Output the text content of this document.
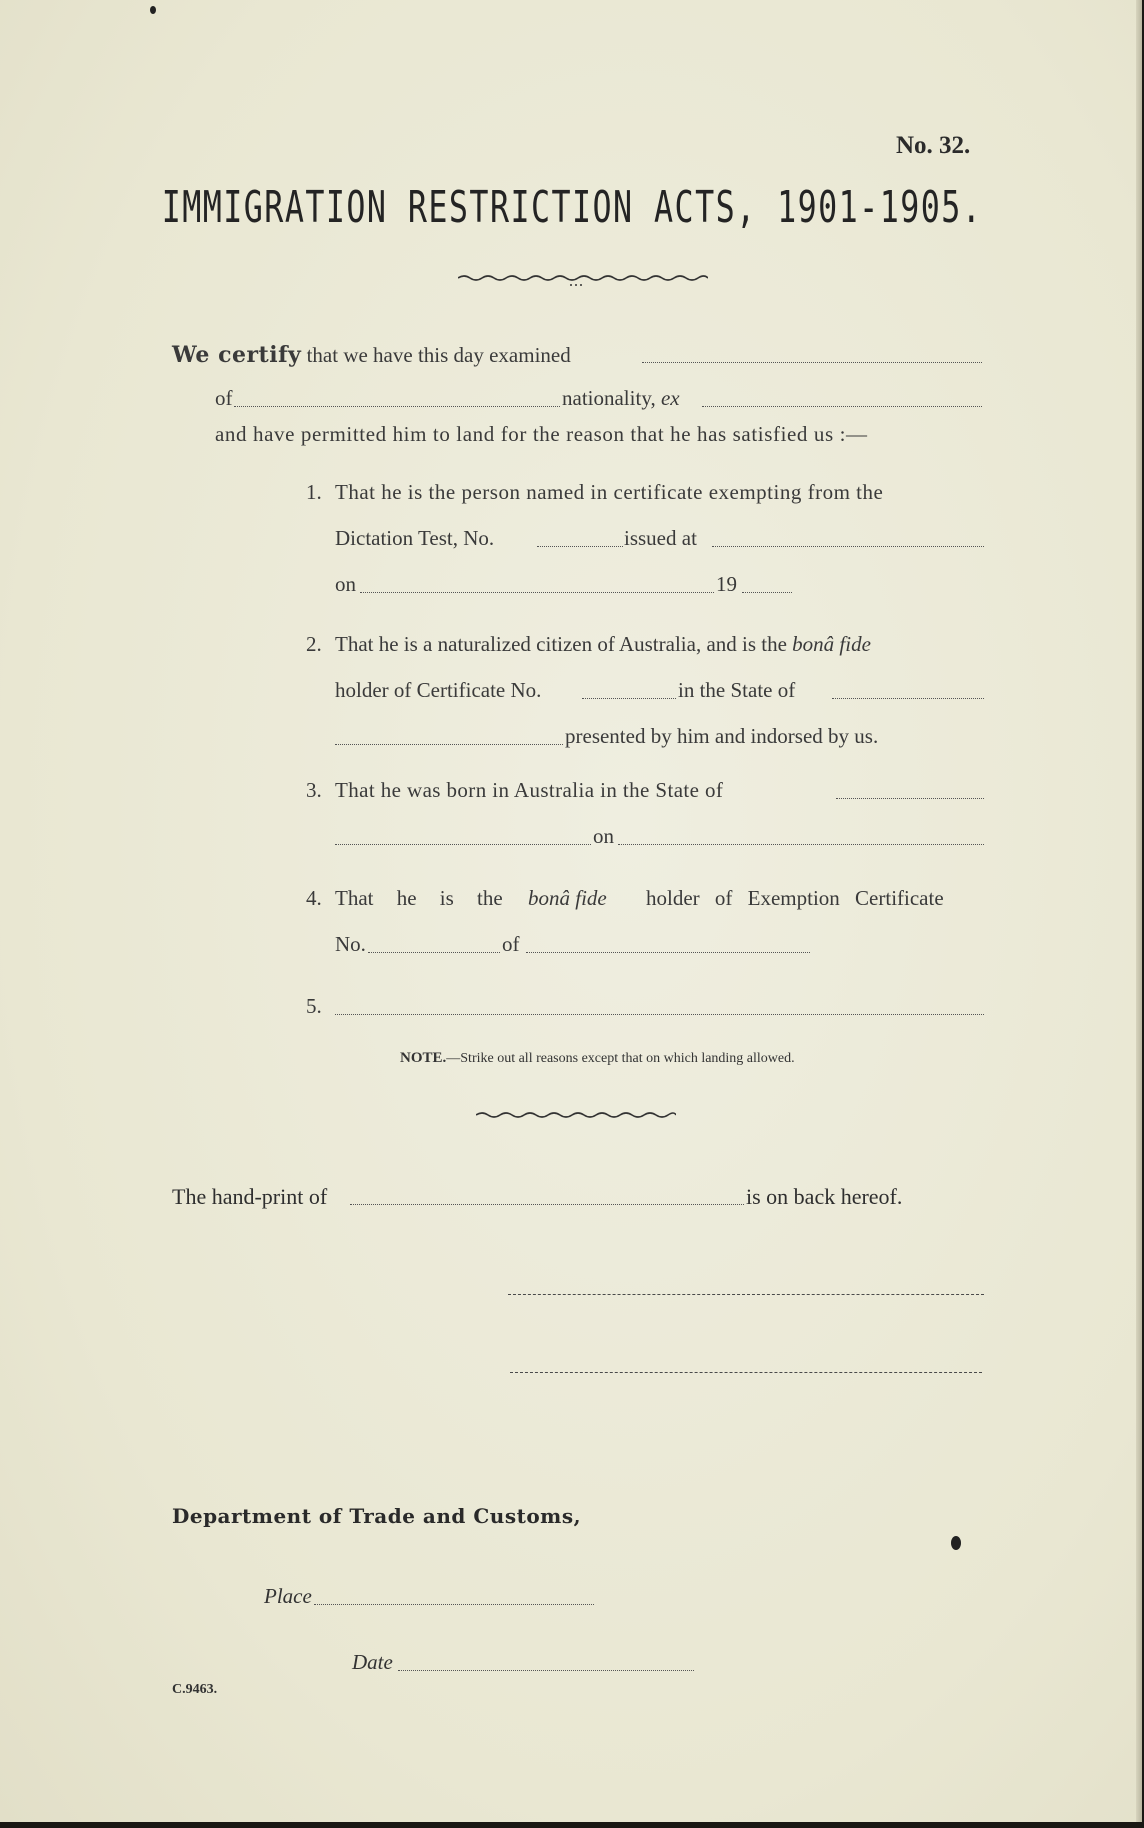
No. 32.
IMMIGRATION RESTRICTION ACTS, 1901-1905.
We certify that we have this day examined
of	nationality, ex
and have permitted him to land for the reason that he has satisfied us :—
1. That he is the person named in certificate exempting from the
Dictation Test, No.	issued at
on	19
2. That he is a naturalized citizen of Australia, and is the bonâ fide
holder of Certificate No.	in the State of
presented by him and indorsed by us.
3. That he was born in Australia in the State of
on
4. That he is the bonâ fide holder of Exemption Certificate
No.	of
5.
NOTE.—Strike out all reasons except that on which landing allowed.
The hand-print of	is on back hereof.
Department of Trade and Customs,
Place
Date
C.9463.
